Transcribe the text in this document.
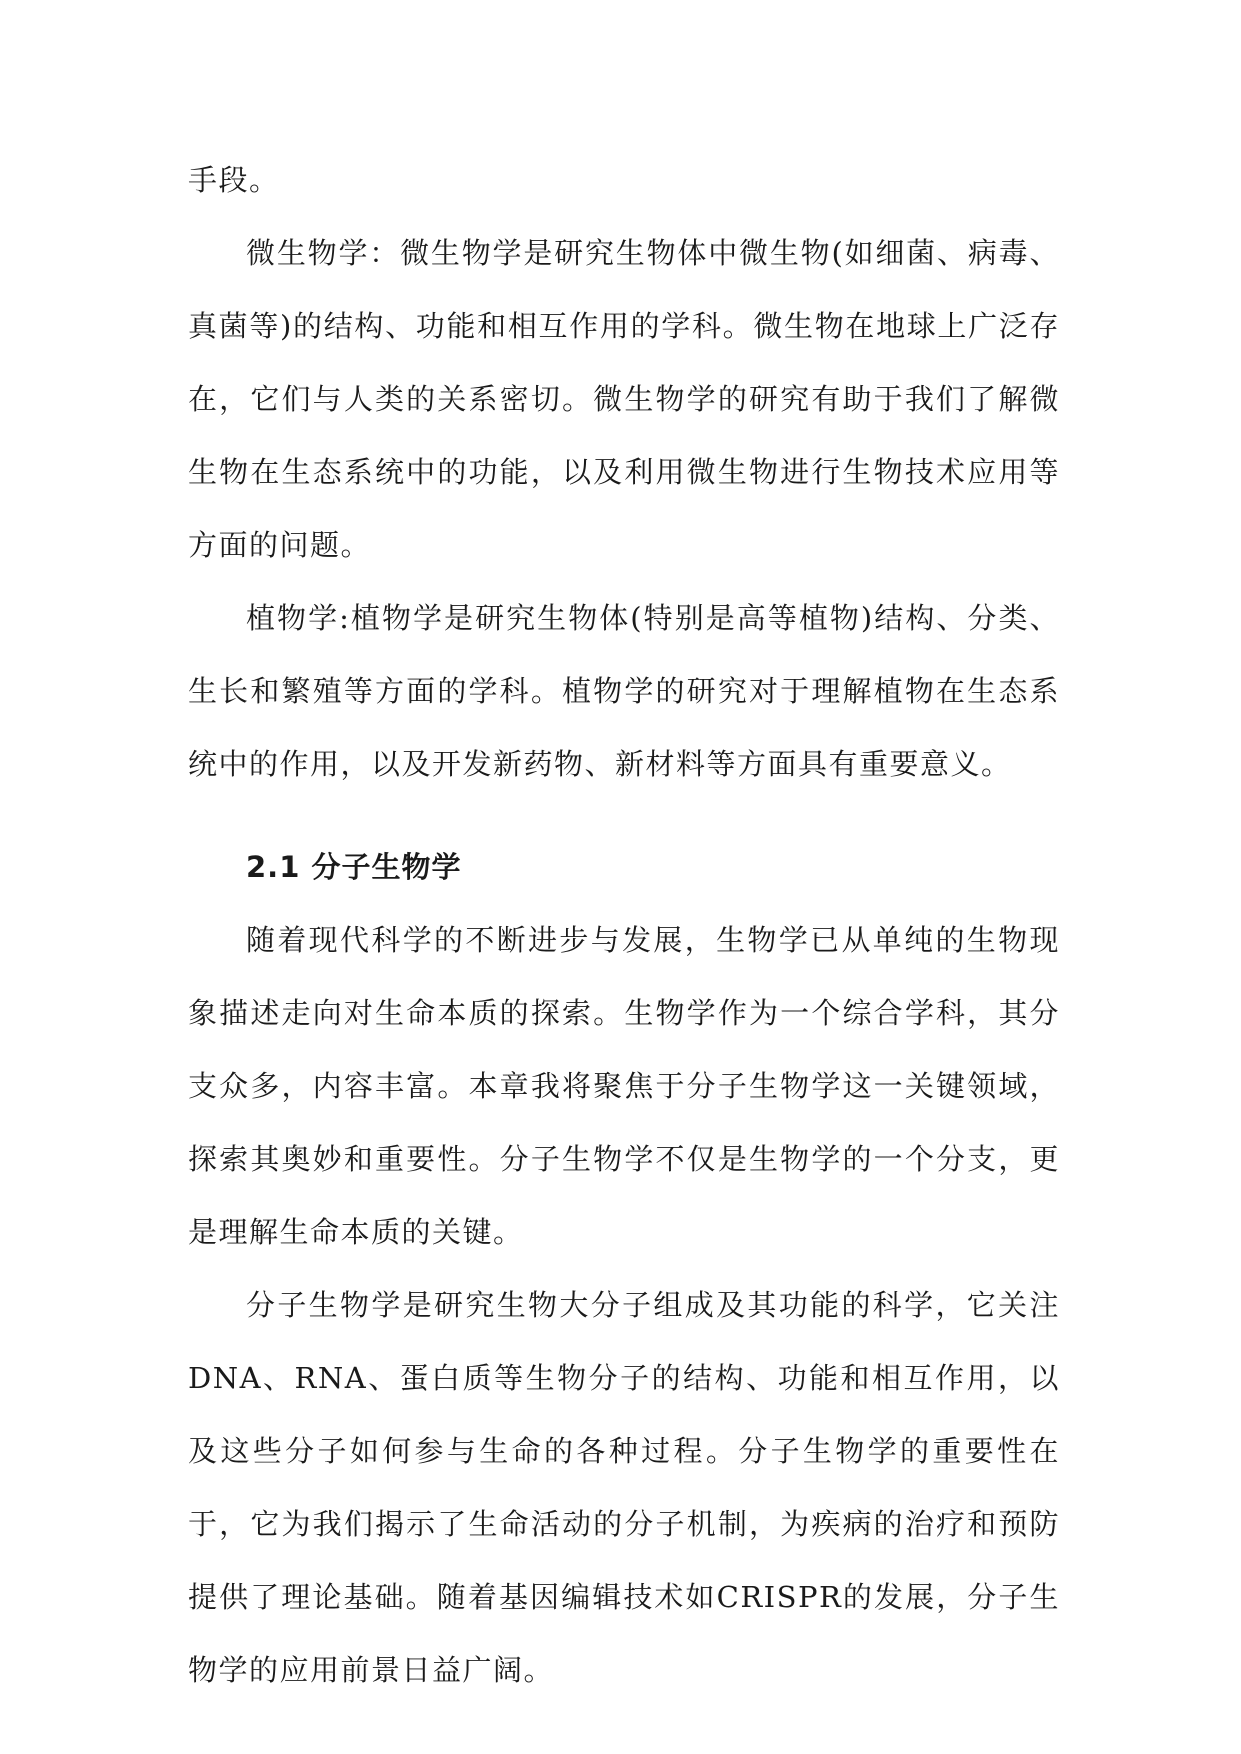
手段。

微生物学：微生物学是研究生物体中微生物(如细菌、病毒、真菌等)的结构、功能和相互作用的学科。微生物在地球上广泛存在，它们与人类的关系密切。微生物学的研究有助于我们了解微生物在生态系统中的功能，以及利用微生物进行生物技术应用等方面的问题。

植物学:植物学是研究生物体(特别是高等植物)结构、分类、生长和繁殖等方面的学科。植物学的研究对于理解植物在生态系统中的作用，以及开发新药物、新材料等方面具有重要意义。

2.1 分子生物学

随着现代科学的不断进步与发展，生物学已从单纯的生物现象描述走向对生命本质的探索。生物学作为一个综合学科，其分支众多，内容丰富。本章我将聚焦于分子生物学这一关键领域，探索其奥妙和重要性。分子生物学不仅是生物学的一个分支，更是理解生命本质的关键。

分子生物学是研究生物大分子组成及其功能的科学，它关注DNA、RNA、蛋白质等生物分子的结构、功能和相互作用，以及这些分子如何参与生命的各种过程。分子生物学的重要性在于，它为我们揭示了生命活动的分子机制，为疾病的治疗和预防提供了理论基础。随着基因编辑技术如CRISPR的发展，分子生物学的应用前景日益广阔。
